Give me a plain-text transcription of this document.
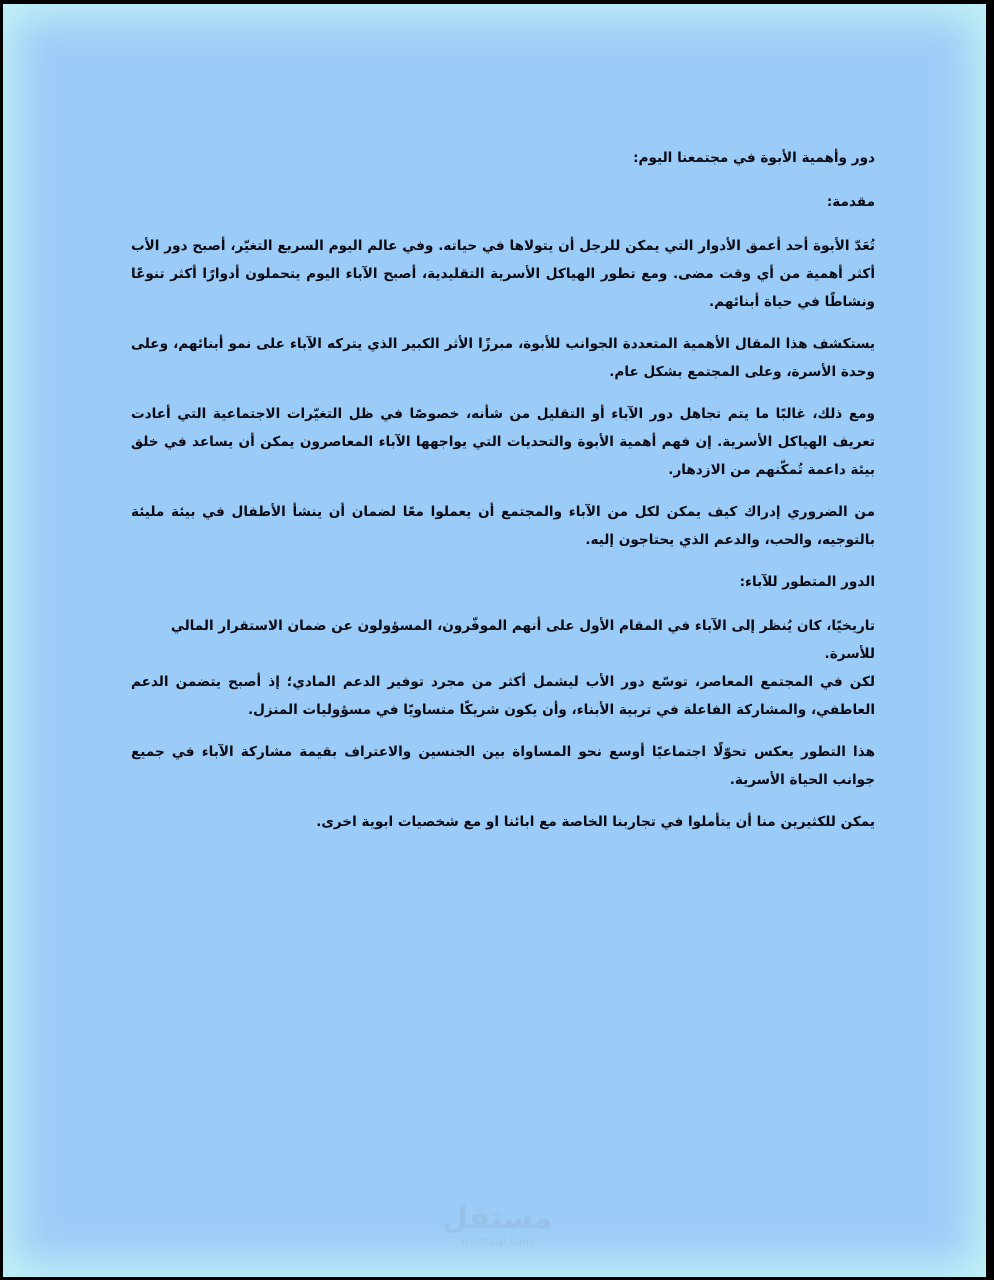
دور وأهمية الأبوة في مجتمعنا اليوم:

مقدمة:

تُعَدّ الأبوة أحد أعمق الأدوار التي يمكن للرجل أن يتولاها في حياته. وفي عالم اليوم السريع التغيّر، أصبح دور الأب أكثر أهمية من أي وقت مضى. ومع تطور الهياكل الأسرية التقليدية، أصبح الآباء اليوم يتحملون أدوارًا أكثر تنوعًا ونشاطًا في حياة أبنائهم.

يستكشف هذا المقال الأهمية المتعددة الجوانب للأبوة، مبرزًا الأثر الكبير الذي يتركه الآباء على نمو أبنائهم، وعلى وحدة الأسرة، وعلى المجتمع بشكل عام.

ومع ذلك، غالبًا ما يتم تجاهل دور الآباء أو التقليل من شأنه، خصوصًا في ظل التغيّرات الاجتماعية التي أعادت تعريف الهياكل الأسرية. إن فهم أهمية الأبوة والتحديات التي يواجهها الآباء المعاصرون يمكن أن يساعد في خلق بيئة داعمة تُمكّنهم من الازدهار.

من الضروري إدراك كيف يمكن لكل من الآباء والمجتمع أن يعملوا معًا لضمان أن ينشأ الأطفال في بيئة مليئة بالتوجيه، والحب، والدعم الذي يحتاجون إليه.

الدور المتطور للآباء:

تاريخيًا، كان يُنظر إلى الآباء في المقام الأول على أنهم الموفّرون، المسؤولون عن ضمان الاستقرار المالي للأسرة.

لكن في المجتمع المعاصر، توسّع دور الأب ليشمل أكثر من مجرد توفير الدعم المادي؛ إذ أصبح يتضمن الدعم العاطفي، والمشاركة الفاعلة في تربية الأبناء، وأن يكون شريكًا متساويًا في مسؤوليات المنزل.

هذا التطور يعكس تحوّلًا اجتماعيًا أوسع نحو المساواة بين الجنسين والاعتراف بقيمة مشاركة الآباء في جميع جوانب الحياة الأسرية.

يمكن للكثيرين منا أن يتأملوا في تجاربنا الخاصة مع ابائنا او مع شخصيات ابوية اخرى.

مستقل
mostaql.com
